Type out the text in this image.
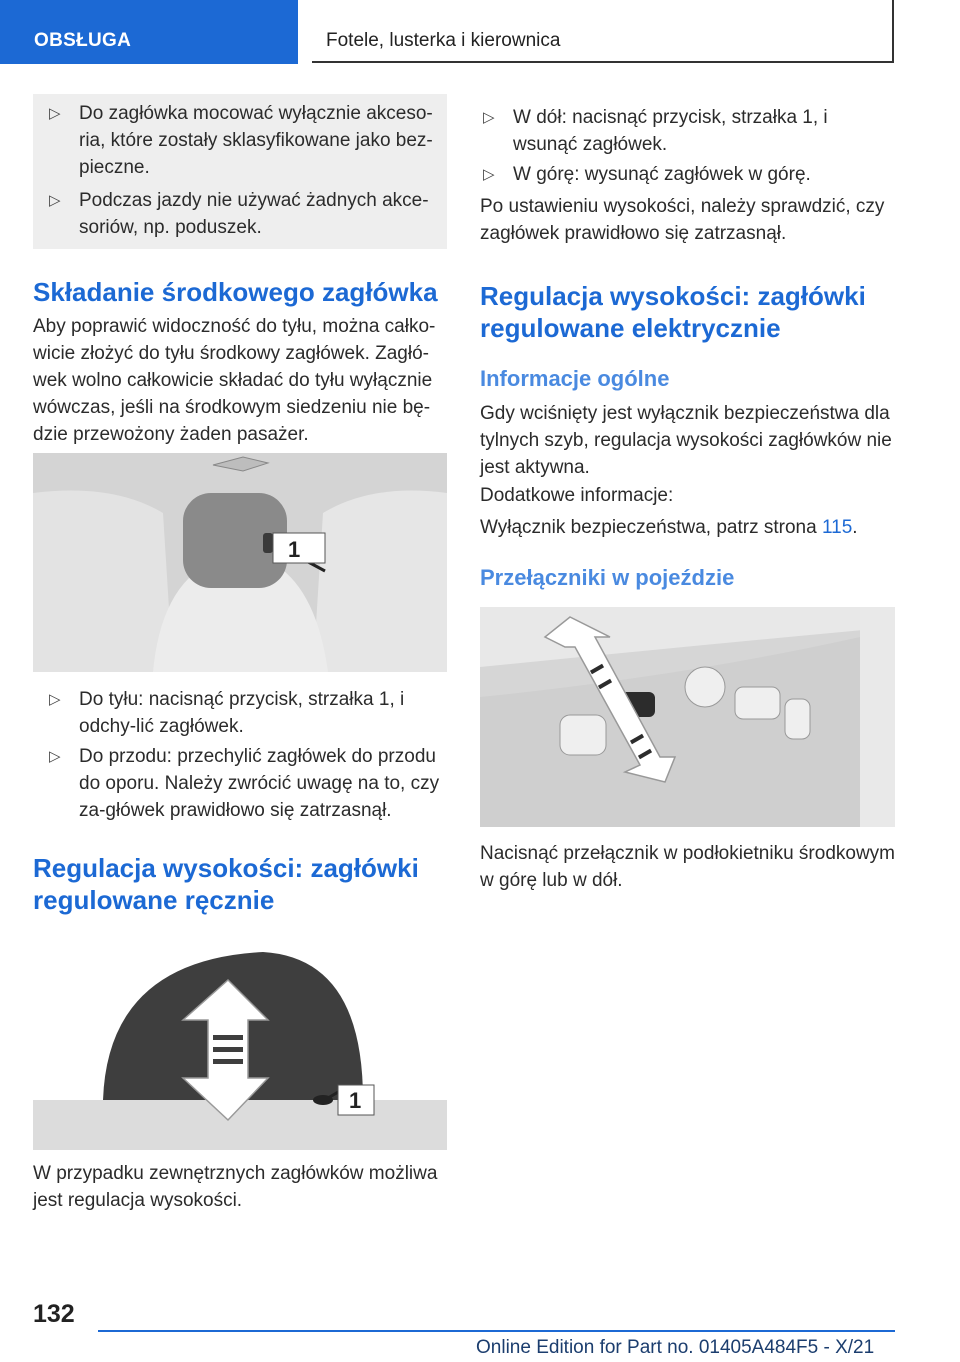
OBSŁUGA	Fotele, lusterka i kierownica
▷ Do zagłówka mocować wyłącznie akceso-ria, które zostały sklasyfikowane jako bez-pieczne.
▷ Podczas jazdy nie używać żadnych akce-soriów, np. poduszek.
Składanie środkowego zagłówka
Aby poprawić widoczność do tyłu, można całko-wicie złożyć do tyłu środkowy zagłówek. Zagłó-wek wolno całkowicie składać do tyłu wyłącznie wówczas, jeśli na środkowym siedzeniu nie bę-dzie przewożony żaden pasażer.
1
▷ Do tyłu: nacisnąć przycisk, strzałka 1, i odchy-lić zagłówek.
▷ Do przodu: przechylić zagłówek do przodu do oporu. Należy zwrócić uwagę na to, czy za-główek prawidłowo się zatrzasnął.
Regulacja wysokości: zagłówki regulowane ręcznie
1
W przypadku zewnętrznych zagłówków możliwa jest regulacja wysokości.
▷ W dół: nacisnąć przycisk, strzałka 1, i wsunąć zagłówek.
▷ W górę: wysunąć zagłówek w górę.
Po ustawieniu wysokości, należy sprawdzić, czy zagłówek prawidłowo się zatrzasnął.
Regulacja wysokości: zagłówki regulowane elektrycznie
Informacje ogólne
Gdy wciśnięty jest wyłącznik bezpieczeństwa dla tylnych szyb, regulacja wysokości zagłówków nie jest aktywna.
Dodatkowe informacje:
Wyłącznik bezpieczeństwa, patrz strona 115.
Przełączniki w pojeździe
Nacisnąć przełącznik w podłokietniku środkowym w górę lub w dół.
132
Online Edition for Part no. 01405A484F5 - X/21
